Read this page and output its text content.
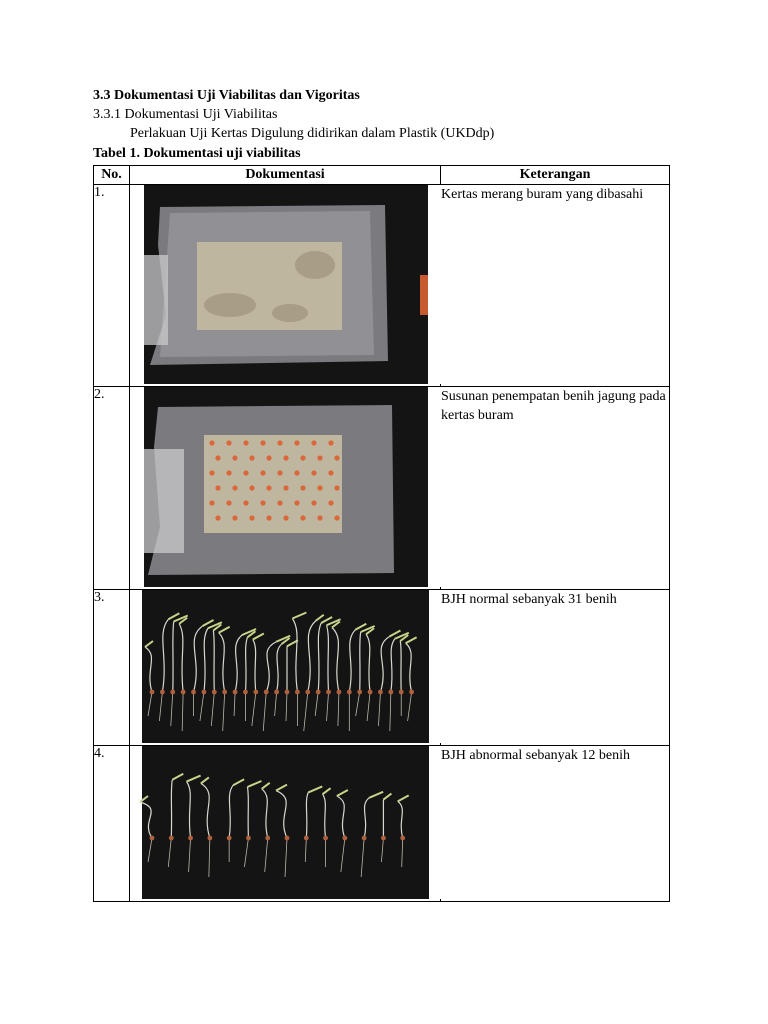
3.3 Dokumentasi Uji Viabilitas dan Vigoritas
3.3.1 Dokumentasi Uji Viabilitas
Perlakuan Uji Kertas Digulung didirikan dalam Plastik (UKDdp)
Tabel 1. Dokumentasi uji viabilitas
No.	Dokumentasi	Keterangan
1.		Kertas merang buram yang dibasahi
2.		Susunan penempatan benih jagung pada kertas buram
3.		BJH normal sebanyak 31 benih
4.		BJH abnormal sebanyak 12 benih
